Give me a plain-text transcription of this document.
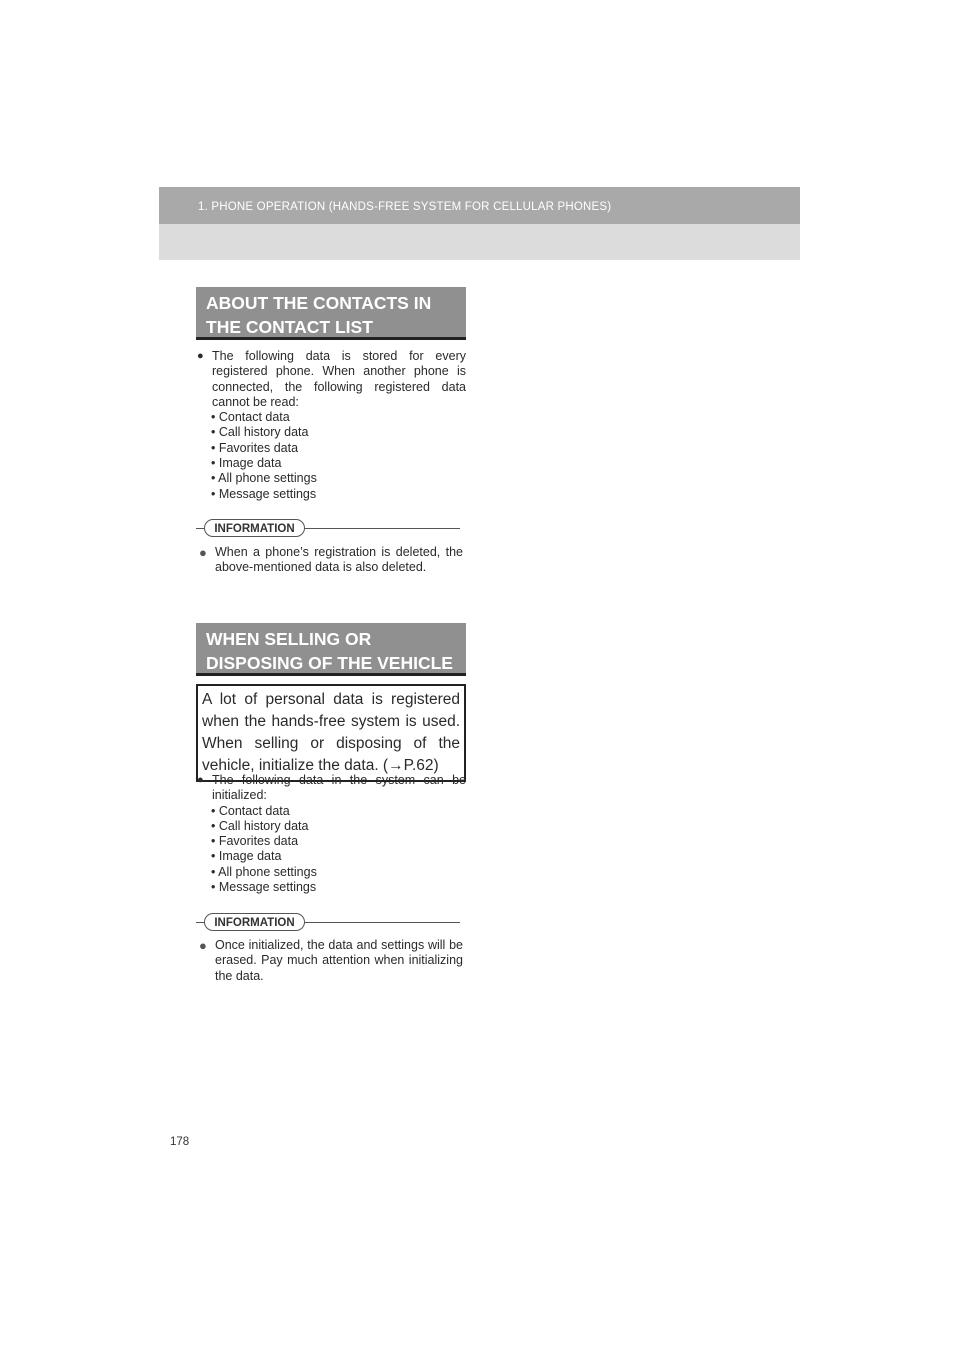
1. PHONE OPERATION (HANDS-FREE SYSTEM FOR CELLULAR PHONES)
ABOUT THE CONTACTS IN
THE CONTACT LIST
● The following data is stored for every registered phone. When another phone is connected, the following registered data cannot be read:
• Contact data
• Call history data
• Favorites data
• Image data
• All phone settings
• Message settings
INFORMATION
● When a phone’s registration is deleted, the above-mentioned data is also deleted.
WHEN SELLING OR
DISPOSING OF THE VEHICLE
A lot of personal data is registered when the hands-free system is used. When selling or disposing of the vehicle, initialize the data. (→P.62)
● The following data in the system can be initialized:
• Contact data
• Call history data
• Favorites data
• Image data
• All phone settings
• Message settings
INFORMATION
● Once initialized, the data and settings will be erased. Pay much attention when initializing the data.
178
